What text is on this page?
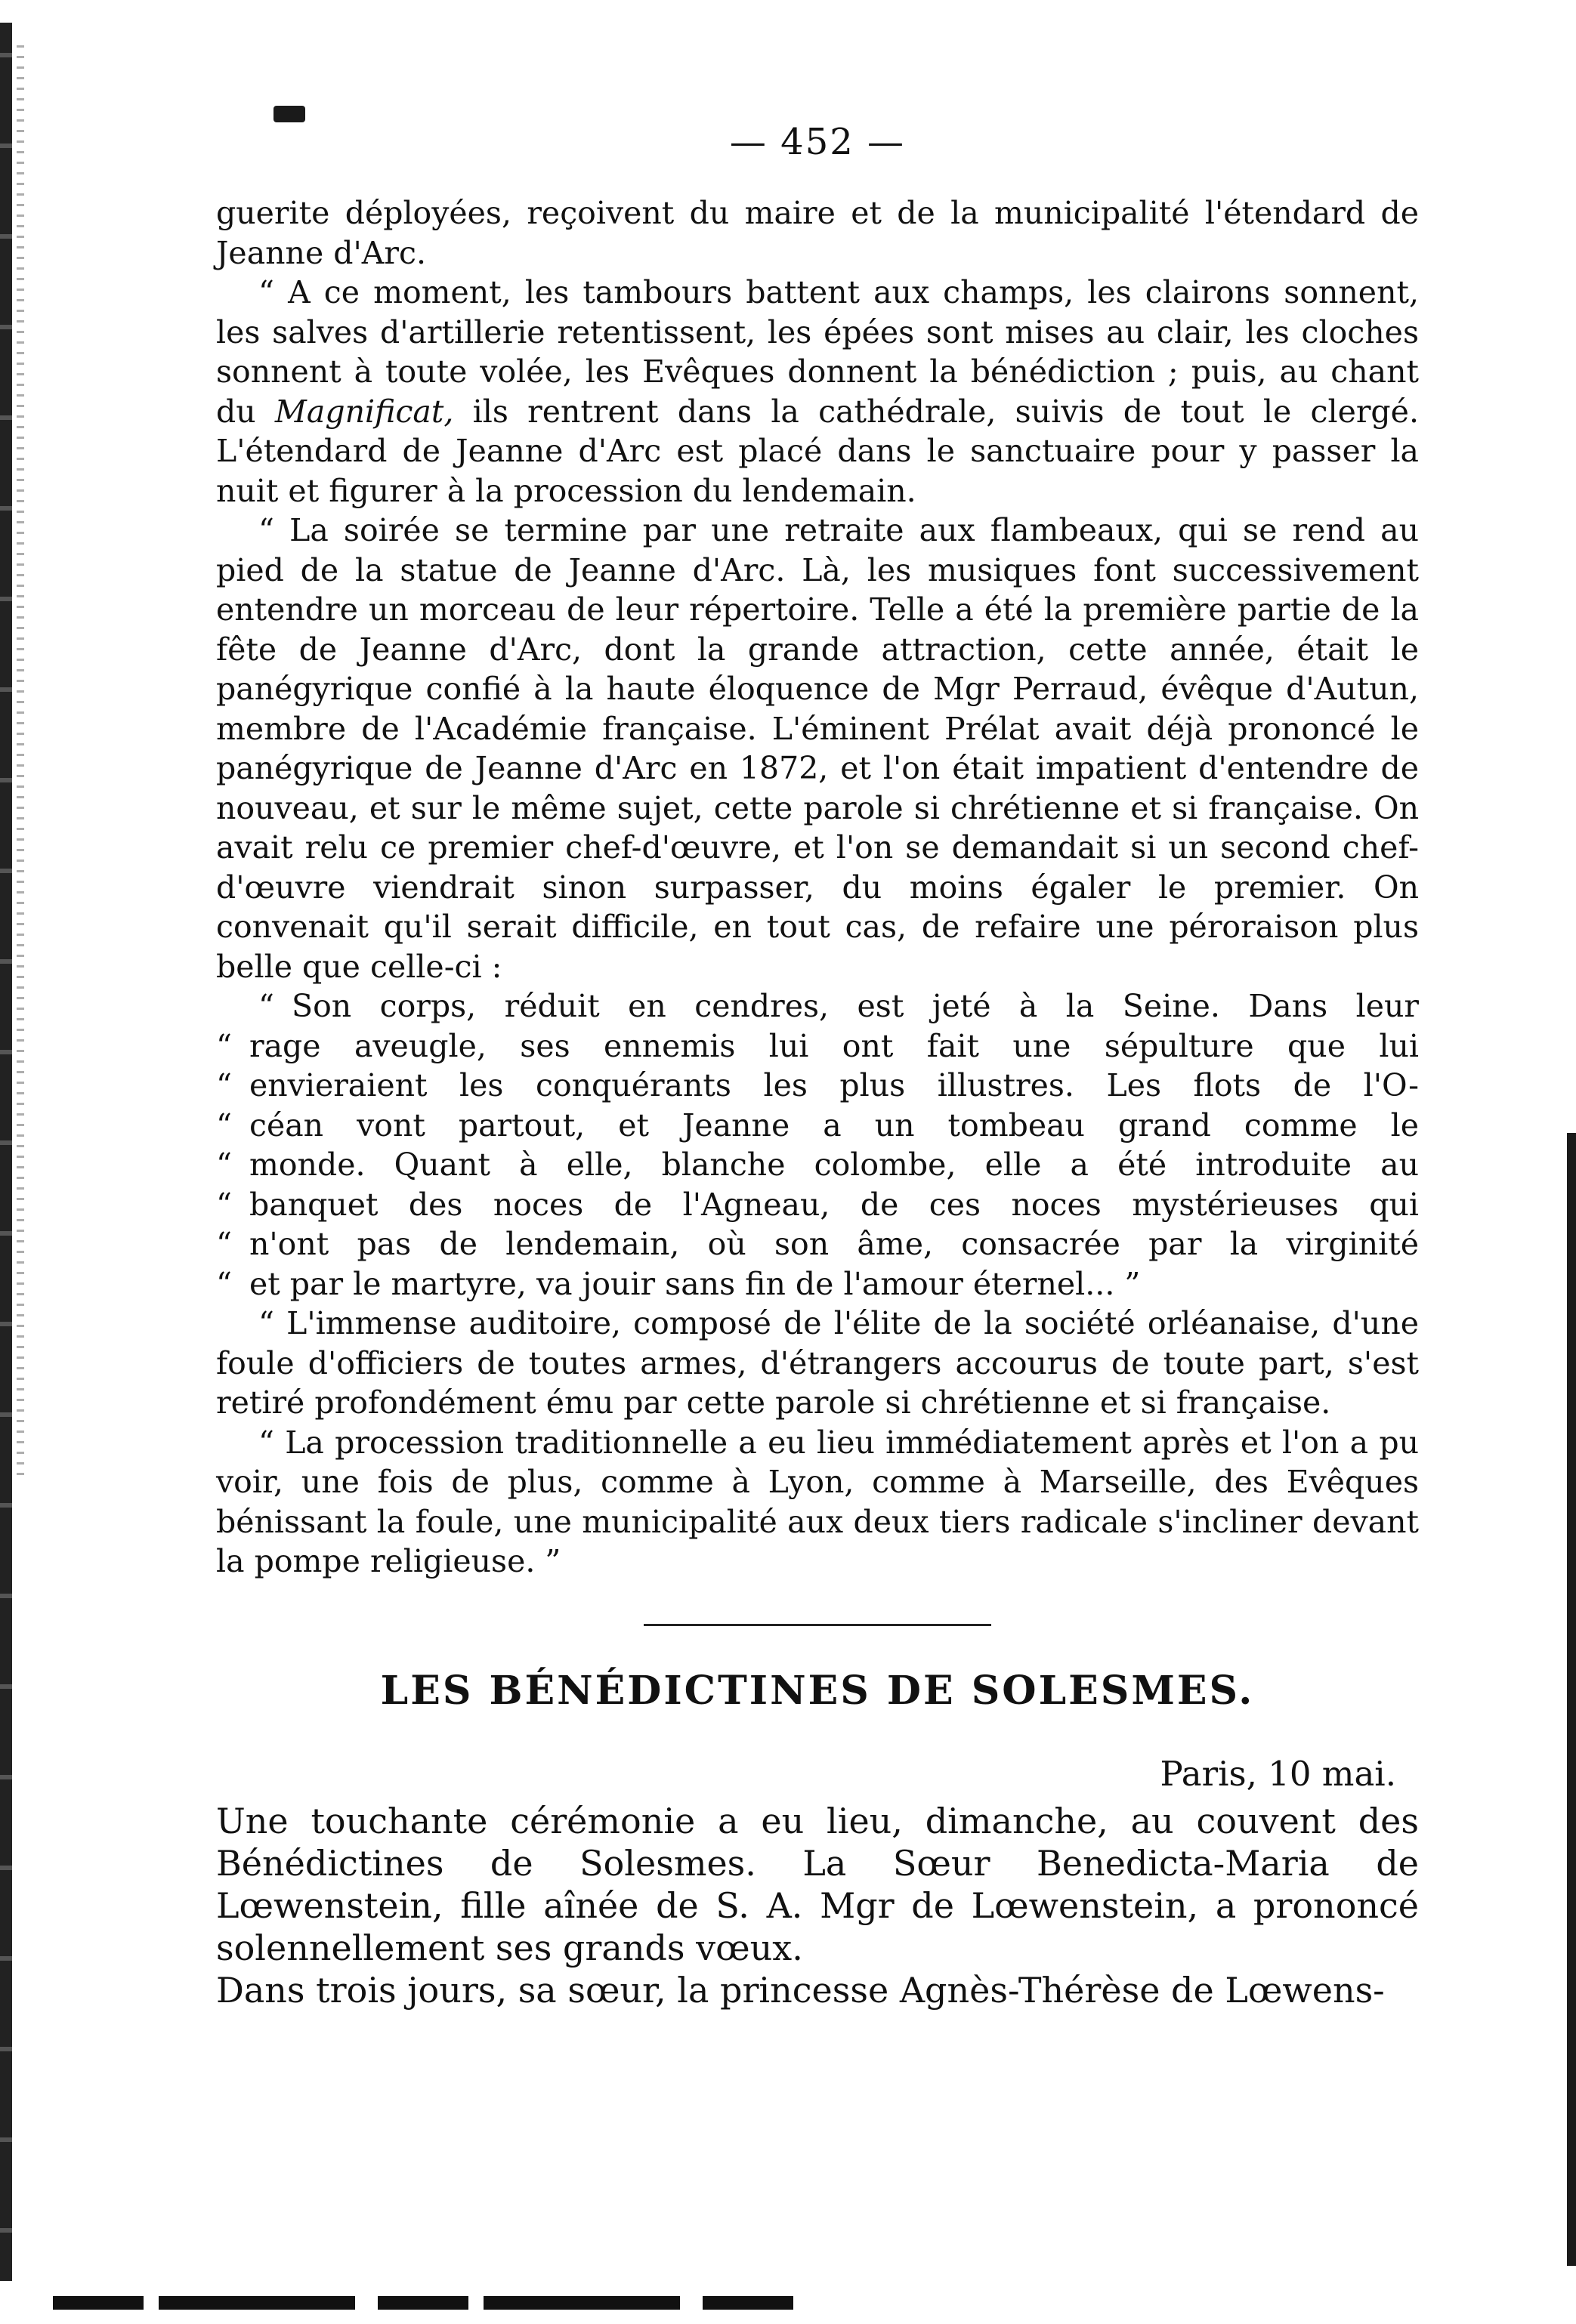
— 452 —

guerite déployées, reçoivent du maire et de la municipalité l'étendard de Jeanne d'Arc.

“ A ce moment, les tambours battent aux champs, les clairons sonnent, les salves d'artillerie retentissent, les épées sont mises au clair, les cloches sonnent à toute volée, les Evêques donnent la bénédiction ; puis, au chant du Magnificat, ils rentrent dans la cathédrale, suivis de tout le clergé. L'étendard de Jeanne d'Arc est placé dans le sanctuaire pour y passer la nuit et figurer à la procession du lendemain.

“ La soirée se termine par une retraite aux flambeaux, qui se rend au pied de la statue de Jeanne d'Arc. Là, les musiques font successivement entendre un morceau de leur répertoire. Telle a été la première partie de la fête de Jeanne d'Arc, dont la grande attraction, cette année, était le panégyrique confié à la haute éloquence de Mgr Perraud, évêque d'Autun, membre de l'Académie française. L'éminent Prélat avait déjà prononcé le panégyrique de Jeanne d'Arc en 1872, et l'on était impatient d'entendre de nouveau, et sur le même sujet, cette parole si chrétienne et si française. On avait relu ce premier chef-d'œuvre, et l'on se demandait si un second chef-d'œuvre viendrait sinon surpasser, du moins égaler le premier. On convenait qu'il serait difficile, en tout cas, de refaire une péroraison plus belle que celle-ci :

“ Son corps, réduit en cendres, est jeté à la Seine. Dans leur
“ rage aveugle, ses ennemis lui ont fait une sépulture que lui
“ envieraient les conquérants les plus illustres. Les flots de l'O-
“ céan vont partout, et Jeanne a un tombeau grand comme le
“ monde. Quant à elle, blanche colombe, elle a été introduite au
“ banquet des noces de l'Agneau, de ces noces mystérieuses qui
“ n'ont pas de lendemain, où son âme, consacrée par la virginité
“ et par le martyre, va jouir sans fin de l'amour éternel... ”

“ L'immense auditoire, composé de l'élite de la société orléanaise, d'une foule d'officiers de toutes armes, d'étrangers accourus de toute part, s'est retiré profondément ému par cette parole si chrétienne et si française.

“ La procession traditionnelle a eu lieu immédiatement après et l'on a pu voir, une fois de plus, comme à Lyon, comme à Marseille, des Evêques bénissant la foule, une municipalité aux deux tiers radicale s'incliner devant la pompe religieuse. ”

LES BÉNÉDICTINES DE SOLESMES.
Paris, 10 mai.

Une touchante cérémonie a eu lieu, dimanche, au couvent des Bénédictines de Solesmes. La Sœur Benedicta-Maria de Lœwenstein, fille aînée de S. A. Mgr de Lœwenstein, a prononcé solennellement ses grands vœux.

Dans trois jours, sa sœur, la princesse Agnès-Thérèse de Lœwens-
